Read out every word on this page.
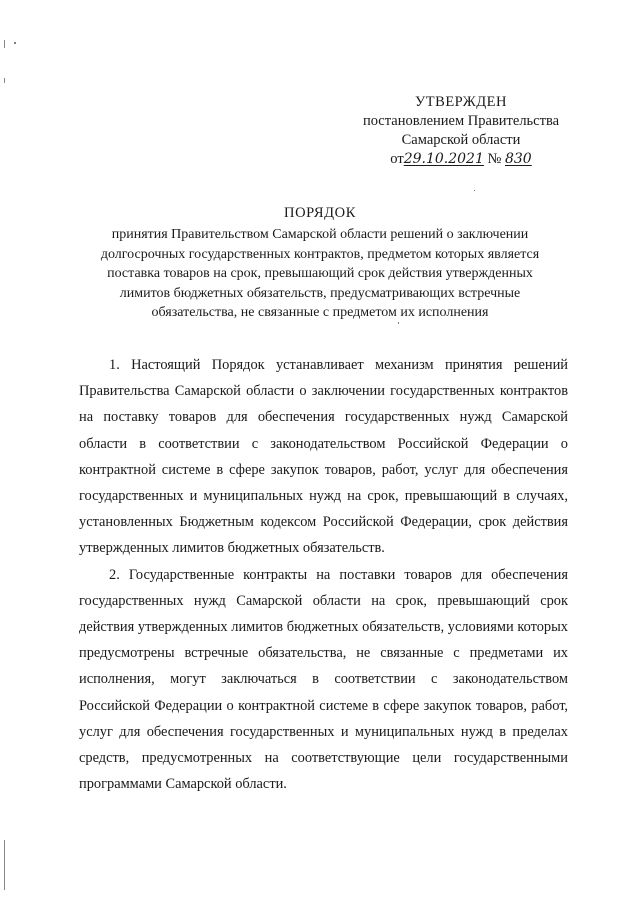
УТВЕРЖДЕН
постановлением Правительства
Самарской области
от29.10.2021 № 830
ПОРЯДОК
принятия Правительством Самарской области решений о заключении
долгосрочных государственных контрактов, предметом которых является
поставка товаров на срок, превышающий срок действия утвержденных
лимитов бюджетных обязательств, предусматривающих встречные
обязательства, не связанные с предметом их исполнения

1. Настоящий Порядок устанавливает механизм принятия решений Правительства Самарской области о заключении государственных контрактов на поставку товаров для обеспечения государственных нужд Самарской области в соответствии с законодательством Российской Федерации о контрактной системе в сфере закупок товаров, работ, услуг для обеспечения государственных и муниципальных нужд на срок, превышающий в случаях, установленных Бюджетным кодексом Российской Федерации, срок действия утвержденных лимитов бюджетных обязательств.

2. Государственные контракты на поставки товаров для обеспечения государственных нужд Самарской области на срок, превышающий срок действия утвержденных лимитов бюджетных обязательств, условиями которых предусмотрены встречные обязательства, не связанные с предметами их исполнения, могут заключаться в соответствии с законодательством Российской Федерации о контрактной системе в сфере закупок товаров, работ, услуг для обеспечения государственных и муниципальных нужд в пределах средств, предусмотренных на соответствующие цели государственными программами Самарской области.
